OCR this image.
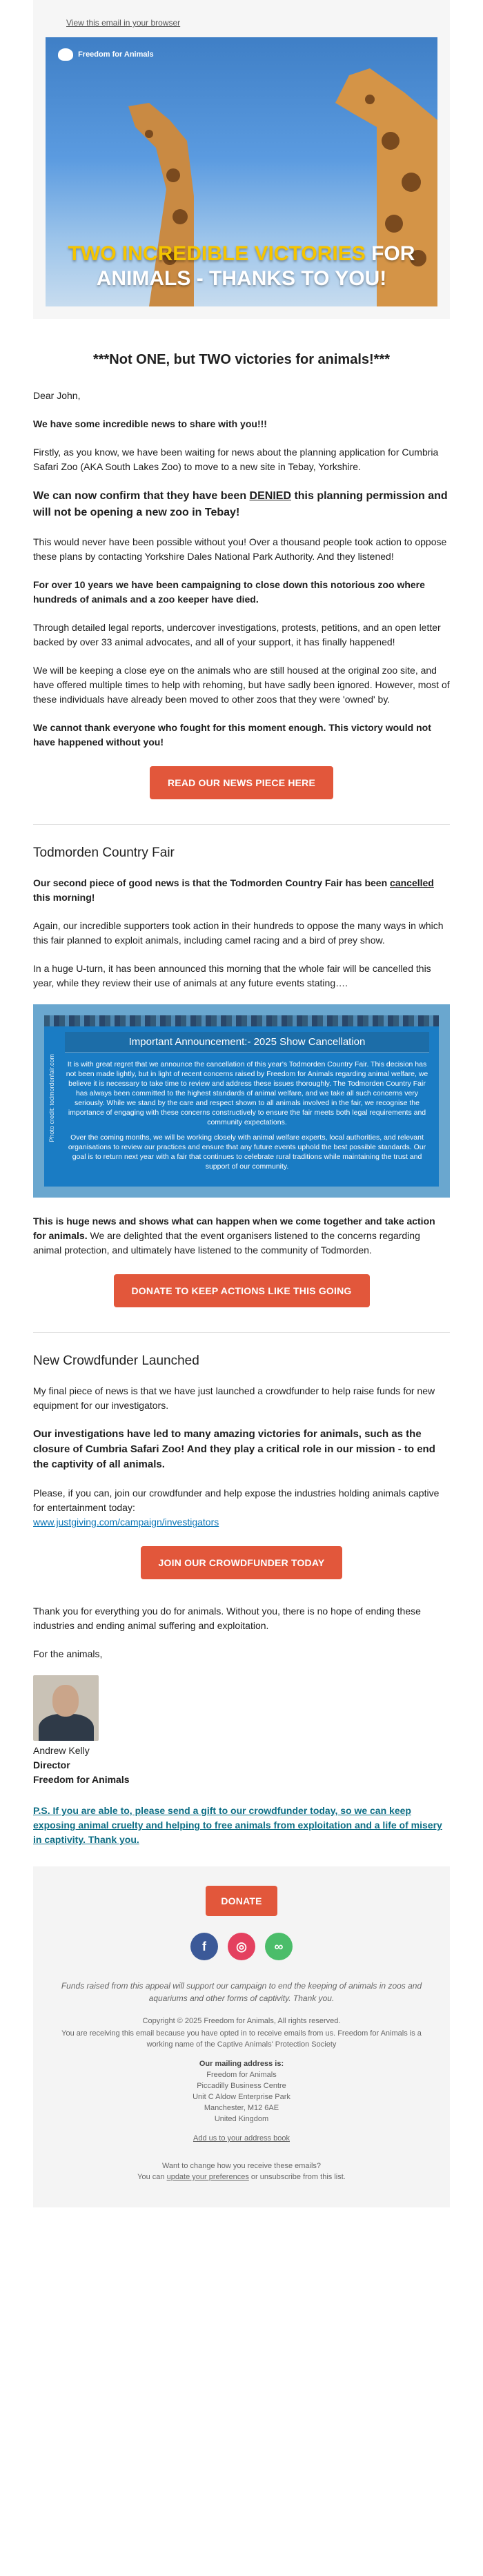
View this email in your browser
Freedom for Animals
TWO INCREDIBLE VICTORIES FOR
ANIMALS - THANKS TO YOU!
***Not ONE, but TWO victories for animals!***

Dear John,

We have some incredible news to share with you!!!

Firstly, as you know, we have been waiting for news about the planning application for Cumbria Safari Zoo (AKA South Lakes Zoo) to move to a new site in Tebay, Yorkshire.

We can now confirm that they have been DENIED this planning permission and will not be opening a new zoo in Tebay!

This would never have been possible without you! Over a thousand people took action to oppose these plans by contacting Yorkshire Dales National Park Authority. And they listened!

For over 10 years we have been campaigning to close down this notorious zoo where hundreds of animals and a zoo keeper have died.

Through detailed legal reports, undercover investigations, protests, petitions, and an open letter backed by over 33 animal advocates, and all of your support, it has finally happened!

We will be keeping a close eye on the animals who are still housed at the original zoo site, and have offered multiple times to help with rehoming, but have sadly been ignored. However, most of these individuals have already been moved to other zoos that they were 'owned' by.

We cannot thank everyone who fought for this moment enough. This victory would not have happened without you!

READ OUR NEWS PIECE HERE
Todmorden Country Fair

Our second piece of good news is that the Todmorden Country Fair has been cancelled this morning!

Again, our incredible supporters took action in their hundreds to oppose the many ways in which this fair planned to exploit animals, including camel racing and a bird of prey show.

In a huge U-turn, it has been announced this morning that the whole fair will be cancelled this year, while they review their use of animals at any future events stating….

Photo credit: todmordenfair.com
Important Announcement:- 2025 Show Cancellation

It is with great regret that we announce the cancellation of this year's Todmorden Country Fair. This decision has not been made lightly, but in light of recent concerns raised by Freedom for Animals regarding animal welfare, we believe it is necessary to take time to review and address these issues thoroughly. The Todmorden Country Fair has always been committed to the highest standards of animal welfare, and we take all such concerns very seriously. While we stand by the care and respect shown to all animals involved in the fair, we recognise the importance of engaging with these concerns constructively to ensure the fair meets both legal requirements and community expectations.

Over the coming months, we will be working closely with animal welfare experts, local authorities, and relevant organisations to review our practices and ensure that any future events uphold the best possible standards. Our goal is to return next year with a fair that continues to celebrate rural traditions while maintaining the trust and support of our community.

This is huge news and shows what can happen when we come together and take action for animals. We are delighted that the event organisers listened to the concerns regarding animal protection, and ultimately have listened to the community of Todmorden.

DONATE TO KEEP ACTIONS LIKE THIS GOING
New Crowdfunder Launched

My final piece of news is that we have just launched a crowdfunder to help raise funds for new equipment for our investigators.

Our investigations have led to many amazing victories for animals, such as the closure of Cumbria Safari Zoo! And they play a critical role in our mission - to end the captivity of all animals.

Please, if you can, join our crowdfunder and help expose the industries holding animals captive for entertainment today:
www.justgiving.com/campaign/investigators

JOIN OUR CROWDFUNDER TODAY

Thank you for everything you do for animals. Without you, there is no hope of ending these industries and ending animal suffering and exploitation.

For the animals,

Andrew Kelly
Director
Freedom for Animals

P.S. If you are able to, please send a gift to our crowdfunder today, so we can keep exposing animal cruelty and helping to free animals from exploitation and a life of misery in captivity. Thank you.

DONATE
f	◎	∞

Funds raised from this appeal will support our campaign to end the keeping of animals in zoos and aquariums and other forms of captivity. Thank you.

Copyright © 2025 Freedom for Animals, All rights reserved.

You are receiving this email because you have opted in to receive emails from us. Freedom for Animals is a working name of the Captive Animals' Protection Society

Our mailing address is:
Freedom for Animals
Piccadilly Business Centre
Unit C Aldow Enterprise Park
Manchester, M12 6AE
United Kingdom

Add us to your address book

Want to change how you receive these emails?
You can update your preferences or unsubscribe from this list.
